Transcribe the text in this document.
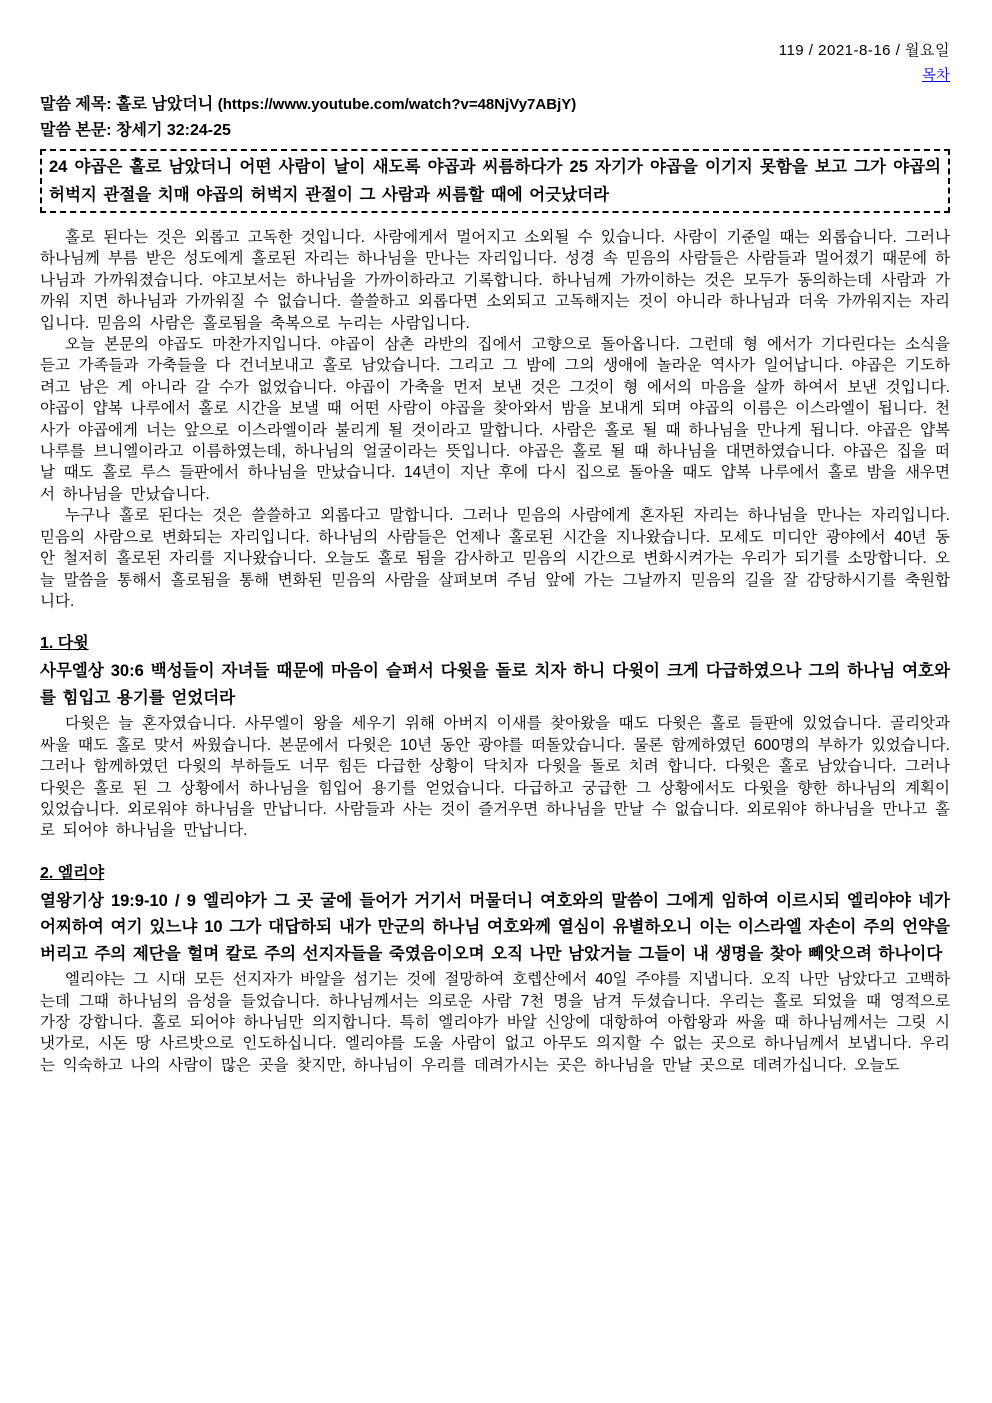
119 / 2021-8-16 / 월요일
목차
말씀 제목: 홀로 남았더니 (https://www.youtube.com/watch?v=48NjVy7ABjY)
말씀 본문: 창세기 32:24-25
24 야곱은 홀로 남았더니 어떤 사람이 날이 새도록 야곱과 씨름하다가 25 자기가 야곱을 이기지 못함을 보고 그가 야곱의 허벅지 관절을 치매 야곱의 허벅지 관절이 그 사람과 씨름할 때에 어긋났더라

홀로 된다는 것은 외롭고 고독한 것입니다. 사람에게서 멀어지고 소외될 수 있습니다. 사람이 기준일 때는 외롭습니다. 그러나 하나님께 부름 받은 성도에게 홀로된 자리는 하나님을 만나는 자리입니다. 성경 속 믿음의 사람들은 사람들과 멀어졌기 때문에 하나님과 가까워졌습니다. 야고보서는 하나님을 가까이하라고 기록합니다. 하나님께 가까이하는 것은 모두가 동의하는데 사람과 가까워 지면 하나님과 가까워질 수 없습니다. 쓸쓸하고 외롭다면 소외되고 고독해지는 것이 아니라 하나님과 더욱 가까워지는 자리입니다. 믿음의 사람은 홀로됨을 축복으로 누리는 사람입니다.

오늘 본문의 야곱도 마찬가지입니다. 야곱이 삼촌 라반의 집에서 고향으로 돌아옵니다. 그런데 형 에서가 기다린다는 소식을 듣고 가족들과 가축들을 다 건너보내고 홀로 남았습니다. 그리고 그 밤에 그의 생애에 놀라운 역사가 일어납니다. 야곱은 기도하려고 남은 게 아니라 갈 수가 없었습니다. 야곱이 가축을 먼저 보낸 것은 그것이 형 에서의 마음을 살까 하여서 보낸 것입니다. 야곱이 얍복 나루에서 홀로 시간을 보낼 때 어떤 사람이 야곱을 찾아와서 밤을 보내게 되며 야곱의 이름은 이스라엘이 됩니다. 천사가 야곱에게 너는 앞으로 이스라엘이라 불리게 될 것이라고 말합니다. 사람은 홀로 될 때 하나님을 만나게 됩니다. 야곱은 얍복 나루를 브니엘이라고 이름하였는데, 하나님의 얼굴이라는 뜻입니다. 야곱은 홀로 될 때 하나님을 대면하였습니다. 야곱은 집을 떠날 때도 홀로 루스 들판에서 하나님을 만났습니다. 14년이 지난 후에 다시 집으로 돌아올 때도 얍복 나루에서 홀로 밤을 새우면서 하나님을 만났습니다.

누구나 홀로 된다는 것은 쓸쓸하고 외롭다고 말합니다. 그러나 믿음의 사람에게 혼자된 자리는 하나님을 만나는 자리입니다. 믿음의 사람으로 변화되는 자리입니다. 하나님의 사람들은 언제나 홀로된 시간을 지나왔습니다. 모세도 미디안 광야에서 40년 동안 철저히 홀로된 자리를 지나왔습니다. 오늘도 홀로 됨을 감사하고 믿음의 시간으로 변화시켜가는 우리가 되기를 소망합니다. 오늘 말씀을 통해서 홀로됨을 통해 변화된 믿음의 사람을 살펴보며 주님 앞에 가는 그날까지 믿음의 길을 잘 감당하시기를 축원합니다.

1. 다윗

사무엘상 30:6 백성들이 자녀들 때문에 마음이 슬퍼서 다윗을 돌로 치자 하니 다윗이 크게 다급하였으나 그의 하나님 여호와를 힘입고 용기를 얻었더라

다윗은 늘 혼자였습니다. 사무엘이 왕을 세우기 위해 아버지 이새를 찾아왔을 때도 다윗은 홀로 들판에 있었습니다. 골리앗과 싸울 때도 홀로 맞서 싸웠습니다. 본문에서 다윗은 10년 동안 광야를 떠돌았습니다. 물론 함께하였던 600명의 부하가 있었습니다. 그러나 함께하였던 다윗의 부하들도 너무 힘든 다급한 상황이 닥치자 다윗을 돌로 치려 합니다. 다윗은 홀로 남았습니다. 그러나 다윗은 홀로 된 그 상황에서 하나님을 힘입어 용기를 얻었습니다. 다급하고 궁급한 그 상황에서도 다윗을 향한 하나님의 계획이 있었습니다. 외로워야 하나님을 만납니다. 사람들과 사는 것이 즐거우면 하나님을 만날 수 없습니다. 외로워야 하나님을 만나고 홀로 되어야 하나님을 만납니다.

2. 엘리야

열왕기상 19:9-10 / 9 엘리야가 그 곳 굴에 들어가 거기서 머물더니 여호와의 말씀이 그에게 임하여 이르시되 엘리야야 네가 어찌하여 여기 있느냐 10 그가 대답하되 내가 만군의 하나님 여호와께 열심이 유별하오니 이는 이스라엘 자손이 주의 언약을 버리고 주의 제단을 헐며 칼로 주의 선지자들을 죽였음이오며 오직 나만 남았거늘 그들이 내 생명을 찾아 빼앗으려 하나이다

엘리야는 그 시대 모든 선지자가 바알을 섬기는 것에 절망하여 호렙산에서 40일 주야를 지냅니다. 오직 나만 남았다고 고백하는데 그때 하나님의 음성을 들었습니다. 하나님께서는 의로운 사람 7천 명을 남겨 두셨습니다. 우리는 홀로 되었을 때 영적으로 가장 강합니다. 홀로 되어야 하나님만 의지합니다. 특히 엘리야가 바알 신앙에 대항하여 아합왕과 싸울 때 하나님께서는 그릿 시냇가로, 시돈 땅 사르밧으로 인도하십니다. 엘리야를 도울 사람이 없고 아무도 의지할 수 없는 곳으로 하나님께서 보냅니다. 우리는 익숙하고 나의 사람이 많은 곳을 찾지만, 하나님이 우리를 데려가시는 곳은 하나님을 만날 곳으로 데려가십니다. 오늘도
